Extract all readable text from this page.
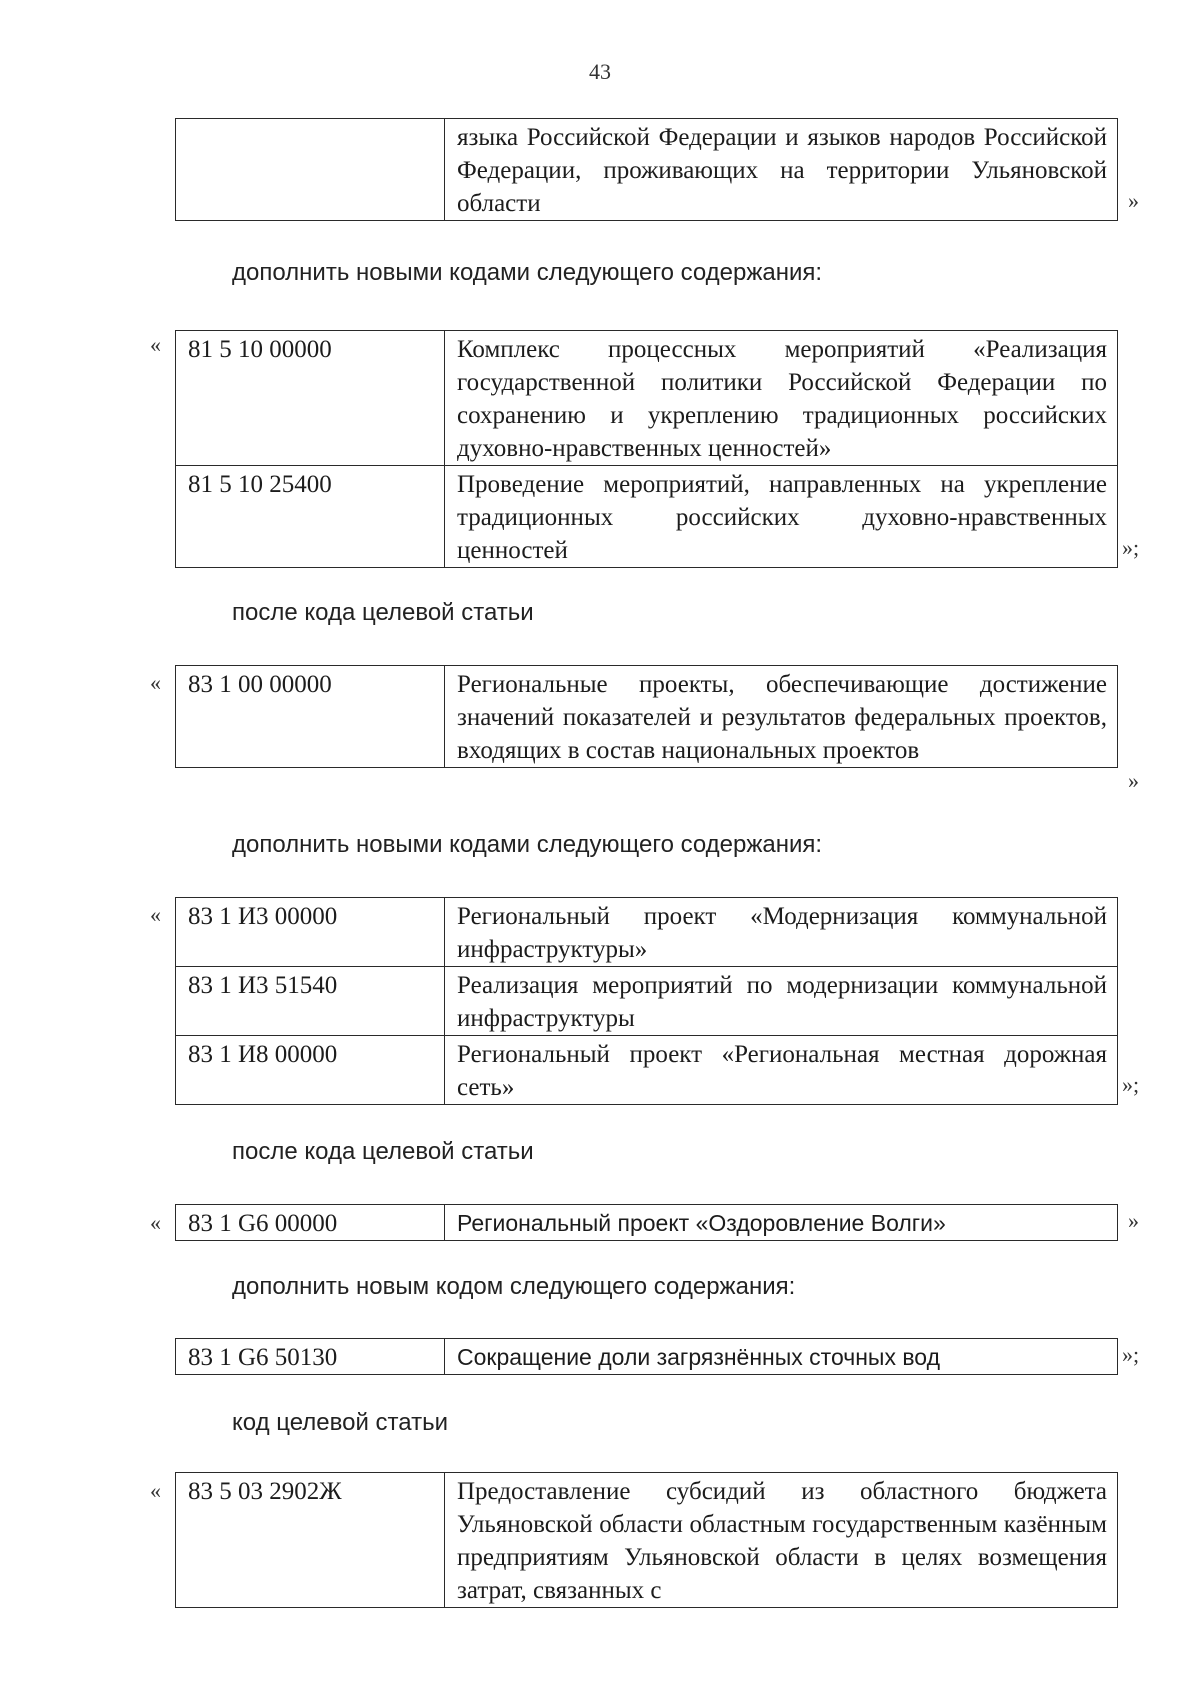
43
	языка Российской Федерации и языков народов Российской Федерации, проживающих на территории Ульяновской области	»
дополнить новыми кодами следующего содержания:
« 81 5 10 00000	Комплекс процессных мероприятий «Реализация государственной политики Российской Федерации по сохранению и укреплению традиционных российских духовно-нравственных ценностей»
81 5 10 25400	Проведение мероприятий, направленных на укрепление традиционных российских духовно-нравственных ценностей	»;
после кода целевой статьи
« 83 1 00 00000	Региональные проекты, обеспечивающие достижение значений показателей и результатов федеральных проектов, входящих в состав национальных проектов
»
дополнить новыми кодами следующего содержания:
« 83 1 И3 00000	Региональный проект «Модернизация коммунальной инфраструктуры»
83 1 И3 51540	Реализация мероприятий по модернизации коммунальной инфраструктуры
83 1 И8 00000	Региональный проект «Региональная местная дорожная сеть»	»;
после кода целевой статьи
« 83 1 G6 00000	Региональный проект «Оздоровление Волги»	»
дополнить новым кодом следующего содержания:
83 1 G6 50130	Сокращение доли загрязнённых сточных вод	»;
код целевой статьи
« 83 5 03 2902Ж	Предоставление субсидий из областного бюджета Ульяновской области областным государственным казённым предприятиям Ульяновской области в целях возмещения затрат, связанных с
